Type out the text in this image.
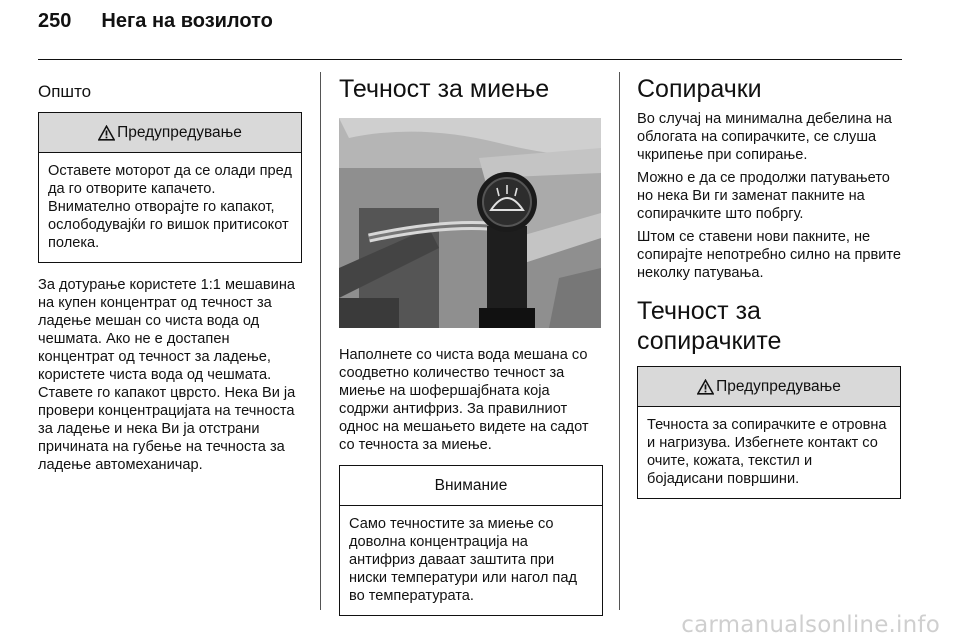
250 Нега на возилото
Општо
Предупредување
Оставете моторот да се олади пред да го отворите капачето. Внимателно отворајте го капакот, ослободувајќи го вишок притисокот полека.

За дотурање користете 1:1 мешавина на купен концентрат од течност за ладење мешан со чиста вода од чешмата. Ако не е достапен концентрат од течност за ладење, користете чиста вода од чешмата. Ставете го капакот цврсто. Нека Ви ја провери концентрацијата на течноста за ладење и нека Ви ја отстрани причината на губење на течноста за ладење автомеханичар.

Течност за миење

Наполнете со чиста вода мешана со соодветно количество течност за миење на шофершајбната која содржи антифриз. За правилниот однос на мешањето видете на садот со течноста за миење.

Внимание
Само течностите за миење со доволна концентрација на антифриз даваат заштита при ниски температури или нагол пад во температурата.
Сопирачки

Во случај на минимална дебелина на облогата на сопирачките, се слуша чкрипење при сопирање.

Можно е да се продолжи патувањето но нека Ви ги заменат пакните на сопирачките што побргу.

Штом се ставени нови пакните, не сопирајте непотребно силно на првите неколку патувања.

Течност за сопирачките
Предупредување
Течноста за сопирачките е отровна и нагризува. Избегнете контакт со очите, кожата, текстил и бојадисани површини.
carmanualsonline.info
